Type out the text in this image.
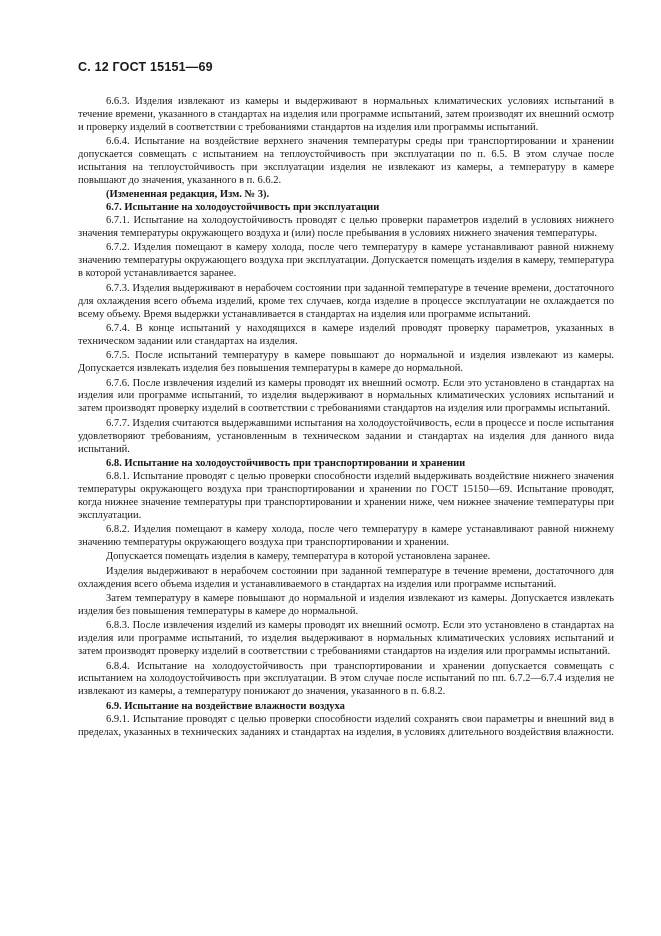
С. 12 ГОСТ 15151—69

6.6.3. Изделия извлекают из камеры и выдерживают в нормальных климатических условиях испытаний в течение времени, указанного в стандартах на изделия или программе испытаний, затем производят их внешний осмотр и проверку изделий в соответствии с требованиями стандартов на изделия или программы испытаний.

6.6.4. Испытание на воздействие верхнего значения температуры среды при транспортировании и хранении допускается совмещать с испытанием на теплоустойчивость при эксплуатации по п. 6.5. В этом случае после испытания на теплоустойчивость при эксплуатации изделия не извлекают из камеры, а температуру в камере повышают до значения, указанного в п. 6.6.2.

(Измененная редакция, Изм. № 3).

6.7. Испытание на холодоустойчивость при эксплуатации

6.7.1. Испытание на холодоустойчивость проводят с целью проверки параметров изделий в условиях нижнего значения температуры окружающего воздуха и (или) после пребывания в условиях нижнего значения температуры.

6.7.2. Изделия помещают в камеру холода, после чего температуру в камере устанавливают равной нижнему значению температуры окружающего воздуха при эксплуатации. Допускается помещать изделия в камеру, температура в которой устанавливается заранее.

6.7.3. Изделия выдерживают в нерабочем состоянии при заданной температуре в течение времени, достаточного для охлаждения всего объема изделий, кроме тех случаев, когда изделие в процессе эксплуатации не охлаждается по всему объему. Время выдержки устанавливается в стандартах на изделия или программе испытаний.

6.7.4. В конце испытаний у находящихся в камере изделий проводят проверку параметров, указанных в техническом задании или стандартах на изделия.

6.7.5. После испытаний температуру в камере повышают до нормальной и изделия извлекают из камеры. Допускается извлекать изделия без повышения температуры в камере до нормальной.

6.7.6. После извлечения изделий из камеры проводят их внешний осмотр. Если это установлено в стандартах на изделия или программе испытаний, то изделия выдерживают в нормальных климатических условиях испытаний и затем производят проверку изделий в соответствии с требованиями стандартов на изделия или программы испытаний.

6.7.7. Изделия считаются выдержавшими испытания на холодоустойчивость, если в процессе и после испытания удовлетворяют требованиям, установленным в техническом задании и стандартах на изделия для данного вида испытаний.

6.8. Испытание на холодоустойчивость при транспортировании и хранении

6.8.1. Испытание проводят с целью проверки способности изделий выдерживать воздействие нижнего значения температуры окружающего воздуха при транспортировании и хранении по ГОСТ 15150—69. Испытание проводят, когда нижнее значение температуры при транспортировании и хранении ниже, чем нижнее значение температуры при эксплуатации.

6.8.2. Изделия помещают в камеру холода, после чего температуру в камере устанавливают равной нижнему значению температуры окружающего воздуха при транспортировании и хранении.

Допускается помещать изделия в камеру, температура в которой установлена заранее.

Изделия выдерживают в нерабочем состоянии при заданной температуре в течение времени, достаточного для охлаждения всего объема изделия и устанавливаемого в стандартах на изделия или программе испытаний.

Затем температуру в камере повышают до нормальной и изделия извлекают из камеры. Допускается извлекать изделия без повышения температуры в камере до нормальной.

6.8.3. После извлечения изделий из камеры проводят их внешний осмотр. Если это установлено в стандартах на изделия или программе испытаний, то изделия выдерживают в нормальных климатических условиях испытаний и затем производят проверку изделий в соответствии с требованиями стандартов на изделия или программы испытаний.

6.8.4. Испытание на холодоустойчивость при транспортировании и хранении допускается совмещать с испытанием на холодоустойчивость при эксплуатации. В этом случае после испытаний по пп. 6.7.2—6.7.4 изделия не извлекают из камеры, а температуру понижают до значения, указанного в п. 6.8.2.

6.9. Испытание на воздействие влажности воздуха

6.9.1. Испытание проводят с целью проверки способности изделий сохранять свои параметры и внешний вид в пределах, указанных в технических заданиях и стандартах на изделия, в условиях длительного воздействия влажности.
